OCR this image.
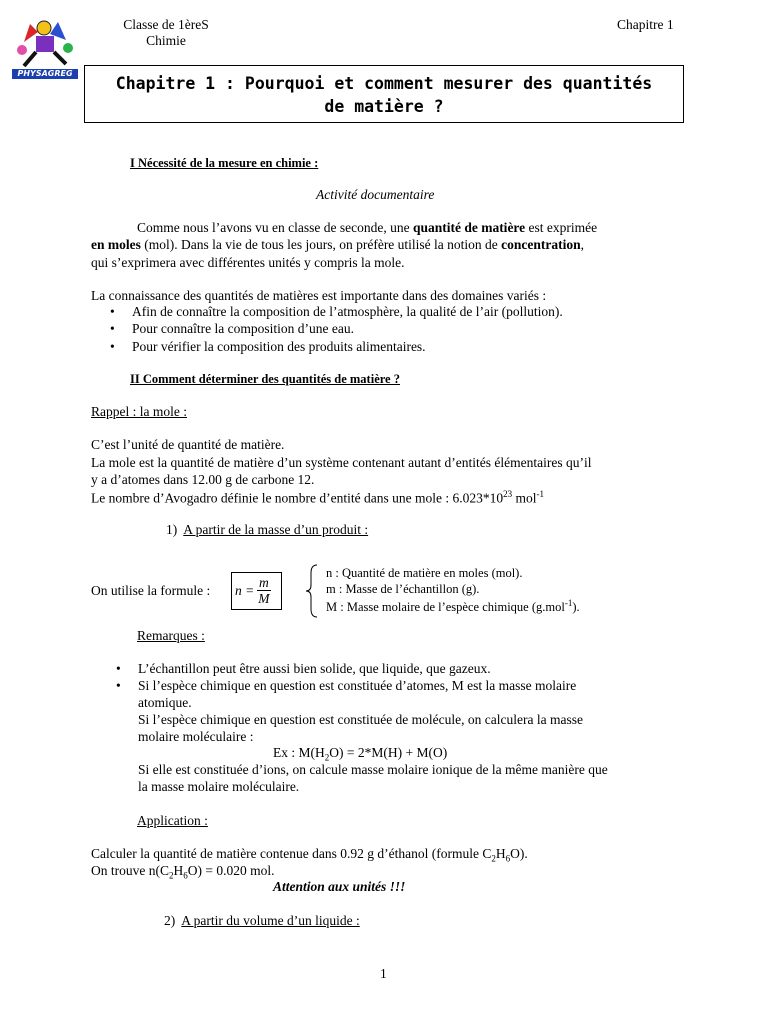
PHYSAGREG
Classe de 1èreS
Chimie
Chapitre 1
Chapitre 1 : Pourquoi et comment mesurer des quantités
de matière ?
I Nécessité de la mesure en chimie :
Activité documentaire
Comme nous l’avons vu en classe de seconde, une quantité de matière est exprimée
en moles (mol). Dans la vie de tous les jours, on préfère utilisé la notion de concentration,
qui s’exprimera avec différentes unités y compris la mole.
La connaissance des quantités de matières est importante dans des domaines variés :
• Afin de connaître la composition de l’atmosphère, la qualité de l’air (pollution).
• Pour connaître la composition d’une eau.
• Pour vérifier la composition des produits alimentaires.
II Comment déterminer des quantités de matière ?
Rappel : la mole :
C’est l’unité de quantité de matière.
La mole est la quantité de matière d’un système contenant autant d’entités élémentaires qu’il
y a d’atomes dans 12.00 g de carbone 12.
Le nombre d’Avogadro définie le nombre d’entité dans une mole : $6.023*10^{23}$ mol$^{-1}$
1) A partir de la masse d’un produit :
On utilise la formule : $n = \frac{m}{M}$
n : Quantité de matière en moles (mol).
m : Masse de l’échantillon (g).
M : Masse molaire de l’espèce chimique (g.mol$^{-1}$).
Remarques :
• L’échantillon peut être aussi bien solide, que liquide, que gazeux.
• Si l’espèce chimique en question est constituée d’atomes, M est la masse molaire
atomique.
Si l’espèce chimique en question est constituée de molécule, on calculera la masse
molaire moléculaire :
Ex : $M(H_2O) = 2*M(H) + M(O)$
Si elle est constituée d’ions, on calcule masse molaire ionique de la même manière que
la masse molaire moléculaire.
Application :
Calculer la quantité de matière contenue dans 0.92 g d’éthanol (formule $C_2H_6O$).
On trouve $n(C_2H_6O) = 0.020$ mol.
Attention aux unités !!!
2) A partir du volume d’un liquide :
1
